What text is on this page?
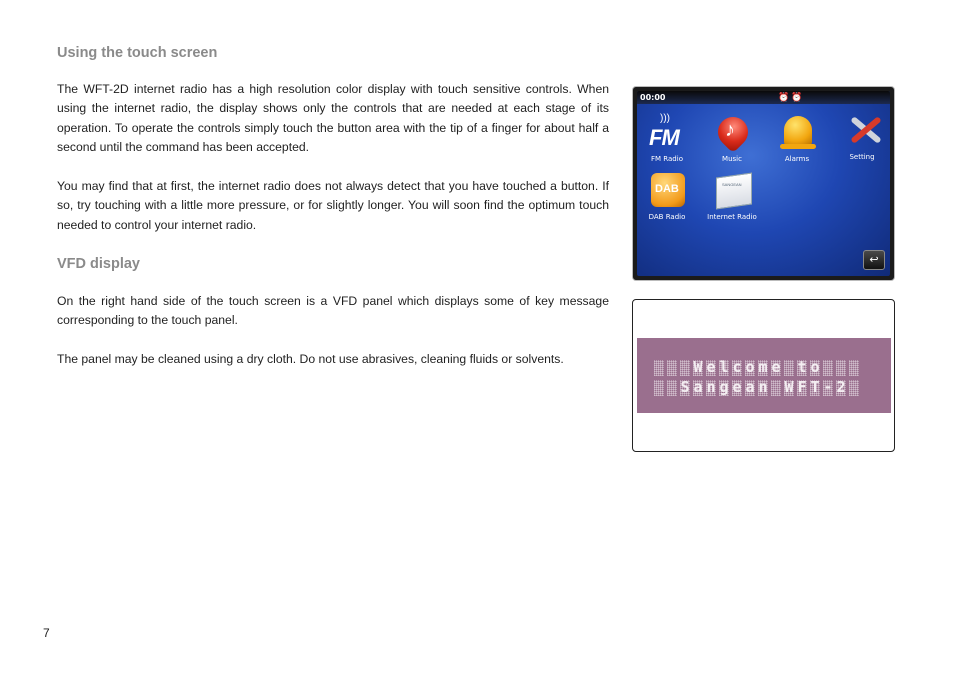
Using the touch screen

The WFT-2D internet radio has a high resolution color display with touch sensitive controls. When using the internet radio, the display shows only the controls that are needed at each stage of its operation. To operate the controls simply touch the button area with the tip of a finger for about half a second until the command has been accepted.

You may find that at first, the internet radio does not always detect that you have touched a button. If so, try touching with a little more pressure, or for slightly longer. You will soon find the optimum touch needed to control your internet radio.

VFD display

On the right hand side of the touch screen is a VFD panel which displays some of key message corresponding to the touch panel.

The panel may be cleaned using a dry cloth. Do not use abrasives, cleaning fluids or solvents.

7
00:00	⏰⏰
)))
FM
FM Radio
♪
Music	Alarms	Setting
DAB
DAB Radio
SANGEAN
Internet Radio
↩
W e l c o m e t o
S a n g e a n W F T - 2
